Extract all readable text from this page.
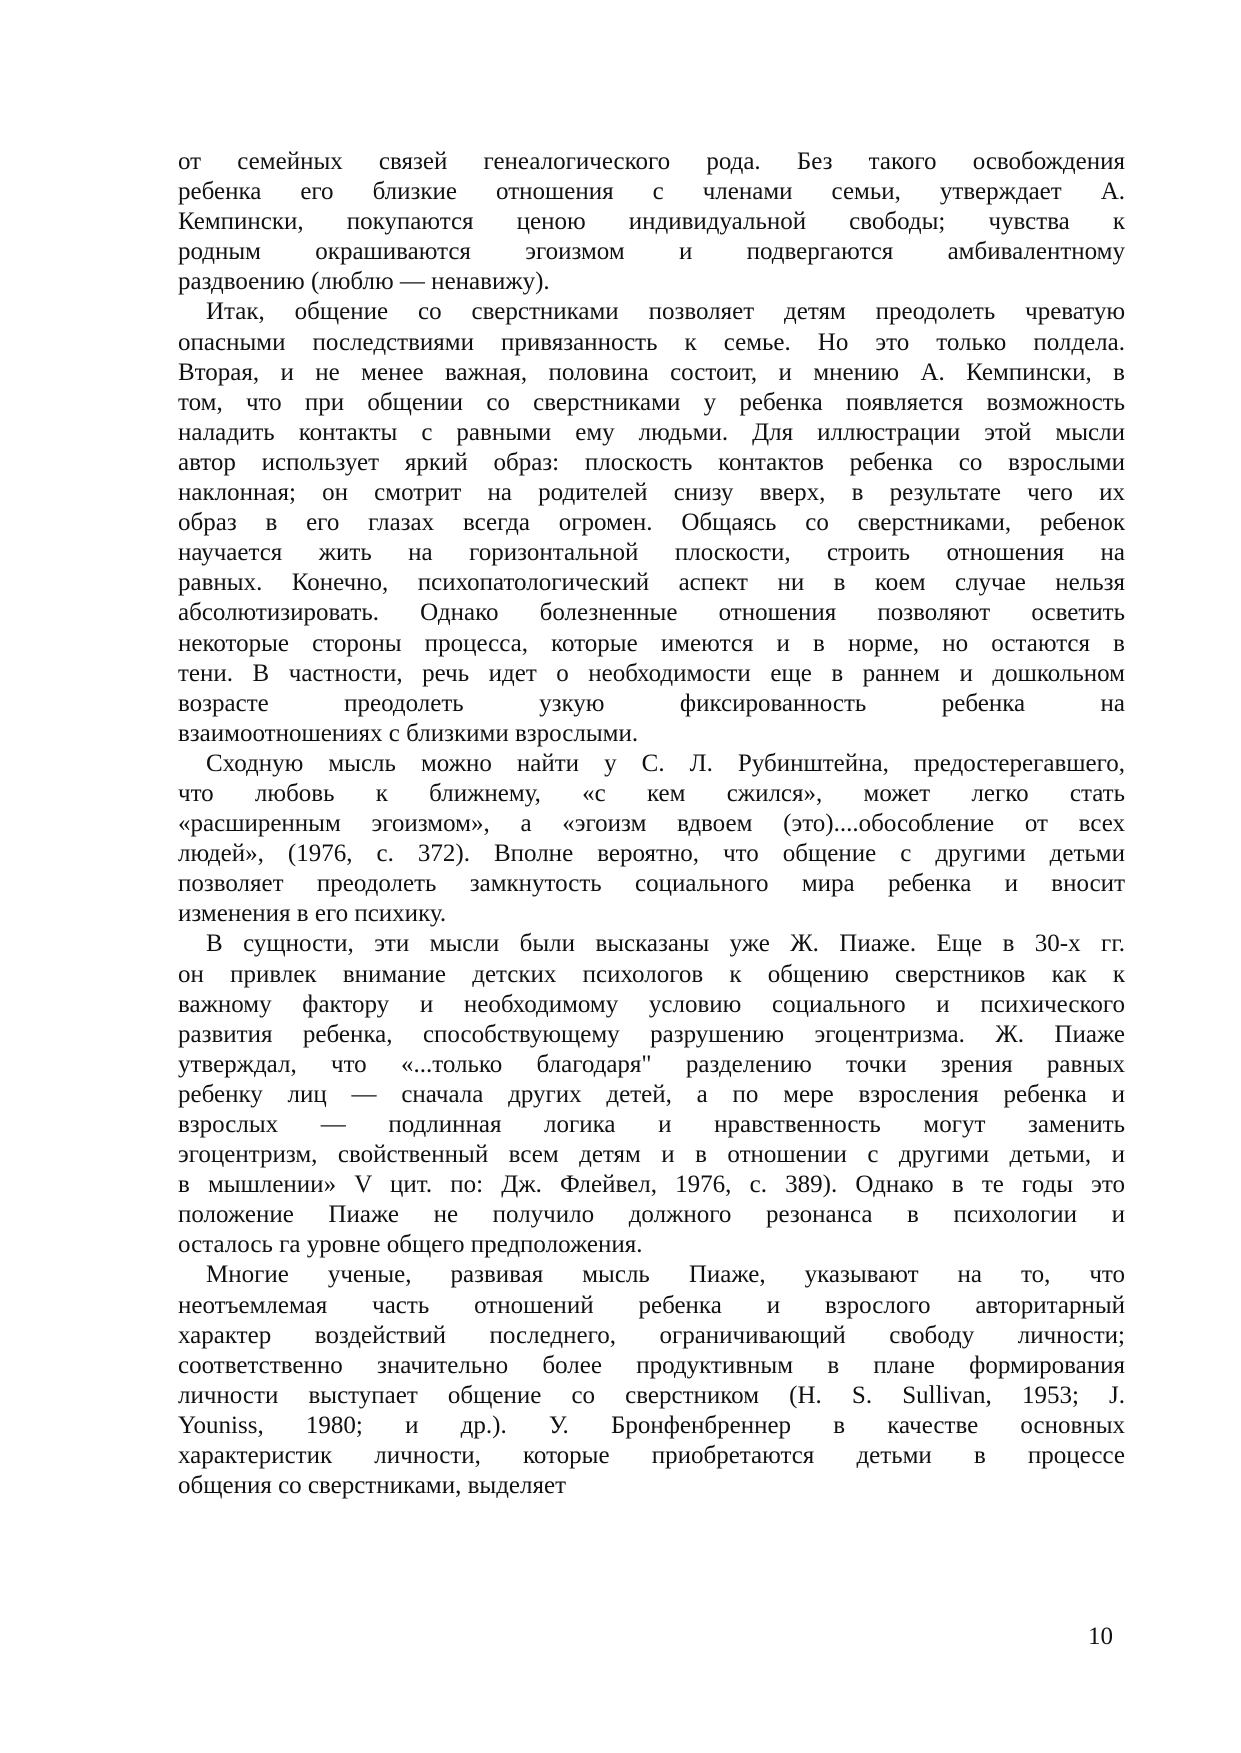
от семейных связей генеалогического рода. Без такого освобождения
ребенка его близкие отношения с членами семьи, утверждает А.
Кемпински, покупаются ценою индивидуальной свободы; чувства к
родным окрашиваются эгоизмом и подвергаются амбивалентному
раздвоению (люблю — ненавижу).

Итак, общение со сверстниками позволяет детям преодолеть чреватую
опасными последствиями привязанность к семье. Но это только полдела.
Вторая, и не менее важная, половина состоит, и мнению А. Кемпински, в
том, что при общении со сверстниками у ребенка появляется возможность
наладить контакты с равными ему людьми. Для иллюстрации этой мысли
автор использует яркий образ: плоскость контактов ребенка со взрослыми
наклонная; он смотрит на родителей снизу вверх, в результате чего их
образ в его глазах всегда огромен. Общаясь со сверстниками, ребенок
научается жить на горизонтальной плоскости, строить отношения на
равных. Конечно, психопатологический аспект ни в коем случае нельзя
абсолютизировать. Однако болезненные отношения позволяют осветить
некоторые стороны процесса, которые имеются и в норме, но остаются в
тени. В частности, речь идет о необходимости еще в раннем и дошкольном
возрасте преодолеть узкую фиксированность ребенка на
взаимоотношениях с близкими взрослыми.

Сходную мысль можно найти у С. Л. Рубинштейна, предостерегавшего,
что любовь к ближнему, «с кем сжился», может легко стать
«расширенным эгоизмом», а «эгоизм вдвоем (это)....обособление от всех
людей», (1976, с. 372). Вполне вероятно, что общение с другими детьми
позволяет преодолеть замкнутость социального мира ребенка и вносит
изменения в его психику.

В сущности, эти мысли были высказаны уже Ж. Пиаже. Еще в 30-х гг.
он привлек внимание детских психологов к общению сверстников как к
важному фактору и необходимому условию социального и психического
развития ребенка, способствующему разрушению эгоцентризма. Ж. Пиаже
утверждал, что «...только благодаря" разделению точки зрения равных
ребенку лиц — сначала других детей, а по мере взросления ребенка и
взрослых — подлинная логика и нравственность могут заменить
эгоцентризм, свойственный всем детям и в отношении с другими детьми, и
в мышлении» V цит. по: Дж. Флейвел, 1976, с. 389). Однако в те годы это
положение Пиаже не получило должного резонанса в психологии и
осталось га уровне общего предположения.

Многие ученые, развивая мысль Пиаже, указывают на то, что
неотъемлемая часть отношений ребенка и взрослого авторитарный
характер воздействий последнего, ограничивающий свободу личности;
соответственно значительно более продуктивным в плане формирования
личности выступает общение со сверстником (H. S. Sullivan, 1953; J.
Youniss, 1980; и др.). У. Бронфенбреннер в качестве основных
характеристик личности, которые приобретаются детьми в процессе
общения со сверстниками, выделяет

10
